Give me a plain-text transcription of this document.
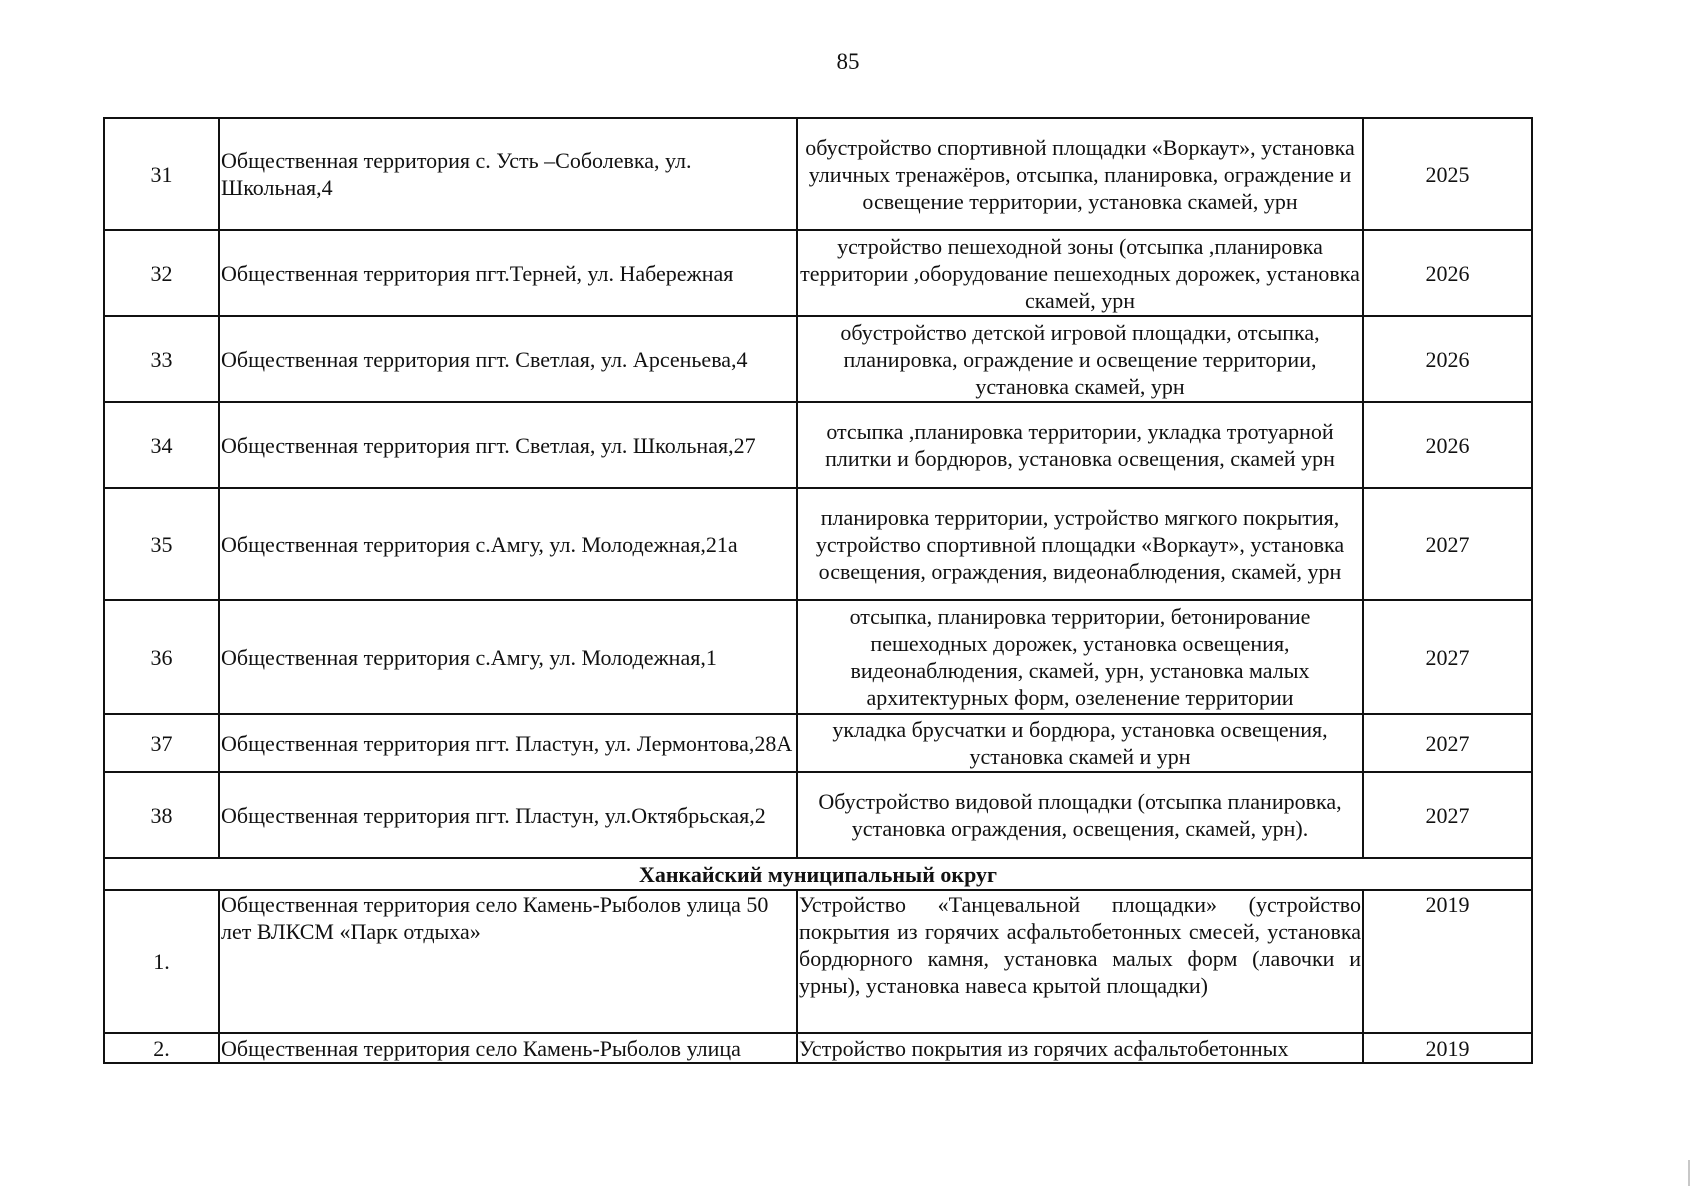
85
31	Общественная территория с. Усть –Соболевка, ул. Школьная,4	обустройство спортивной площадки «Воркаут», установка уличных тренажёров, отсыпка, планировка, ограждение и освещение территории, установка скамей, урн	2025
32	Общественная территория пгт.Терней, ул. Набережная	устройство пешеходной зоны (отсыпка ,планировка территории ,оборудование пешеходных дорожек, установка скамей, урн	2026
33	Общественная территория пгт. Светлая, ул. Арсеньева,4	обустройство детской игровой площадки, отсыпка, планировка, ограждение и освещение территории, установка скамей, урн	2026
34	Общественная территория пгт. Светлая, ул. Школьная,27	отсыпка ,планировка территории, укладка тротуарной плитки и бордюров, установка освещения, скамей урн	2026
35	Общественная территория с.Амгу, ул. Молодежная,21а	планировка территории, устройство мягкого покрытия, устройство спортивной площадки «Воркаут», установка освещения, ограждения, видеонаблюдения, скамей, урн	2027
36	Общественная территория с.Амгу, ул. Молодежная,1	отсыпка, планировка территории, бетонирование пешеходных дорожек, установка освещения, видеонаблюдения, скамей, урн, установка малых архитектурных форм, озеленение территории	2027
37	Общественная территория пгт. Пластун, ул. Лермонтова,28А	укладка брусчатки и бордюра, установка освещения, установка скамей и урн	2027
38	Общественная территория пгт. Пластун, ул.Октябрьская,2	Обустройство видовой площадки (отсыпка планировка, установка ограждения, освещения, скамей, урн).	2027
Ханкайский муниципальный округ			
1.	Общественная территория село Камень-Рыболов улица 50 лет ВЛКСМ «Парк отдыха»	Устройство «Танцевальной площадки» (устройство покрытия из горячих асфальтобетонных смесей, установка бордюрного камня, установка малых форм (лавочки и урны), установка навеса крытой площадки)	2019
2.	Общественная территория село Камень-Рыболов улица	Устройство покрытия из горячих асфальтобетонных	2019
